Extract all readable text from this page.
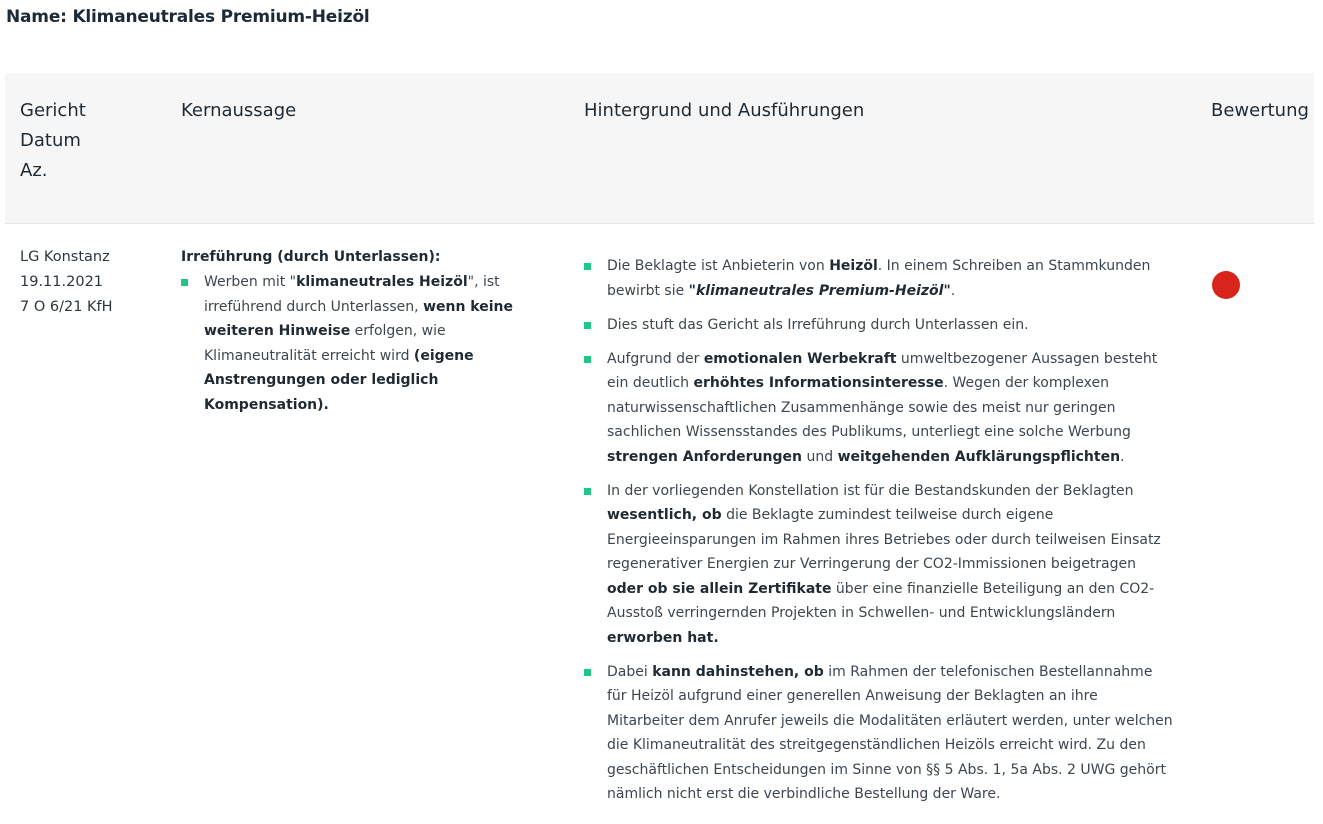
Name: Klimaneutrales Premium-Heizöl
Gericht
Datum
Az.
Kernaussage	Hintergrund und Ausführungen	Bewertung
LG Konstanz
19.11.2021
7 O 6/21 KfH
Irreführung (durch Unterlassen):
Werben mit "klimaneutrales Heizöl", ist irreführend durch Unterlassen, wenn keine weiteren Hinweise erfolgen, wie Klimaneutralität erreicht wird (eigene Anstrengungen oder lediglich Kompensation).
Die Beklagte ist Anbieterin von Heizöl. In einem Schreiben an Stammkunden bewirbt sie "klimaneutrales Premium-Heizöl".
Dies stuft das Gericht als Irreführung durch Unterlassen ein.
Aufgrund der emotionalen Werbekraft umweltbezogener Aussagen besteht ein deutlich erhöhtes Informationsinteresse. Wegen der komplexen naturwissenschaftlichen Zusammenhänge sowie des meist nur geringen sachlichen Wissensstandes des Publikums, unterliegt eine solche Werbung strengen Anforderungen und weitgehenden Aufklärungspflichten.
In der vorliegenden Konstellation ist für die Bestandskunden der Beklagten wesentlich, ob die Beklagte zumindest teilweise durch eigene Energieeinsparungen im Rahmen ihres Betriebes oder durch teilweisen Einsatz regenerativer Energien zur Verringerung der CO2-Immissionen beigetragen oder ob sie allein Zertifikate über eine finanzielle Beteiligung an den CO2-Ausstoß verringernden Projekten in Schwellen- und Entwicklungsländern erworben hat.
Dabei kann dahinstehen, ob im Rahmen der telefonischen Bestellannahme für Heizöl aufgrund einer generellen Anweisung der Beklagten an ihre Mitarbeiter dem Anrufer jeweils die Modalitäten erläutert werden, unter welchen die Klimaneutralität des streitgegenständlichen Heizöls erreicht wird. Zu den geschäftlichen Entscheidungen im Sinne von §§ 5 Abs. 1, 5a Abs. 2 UWG gehört nämlich nicht erst die verbindliche Bestellung der Ware.
